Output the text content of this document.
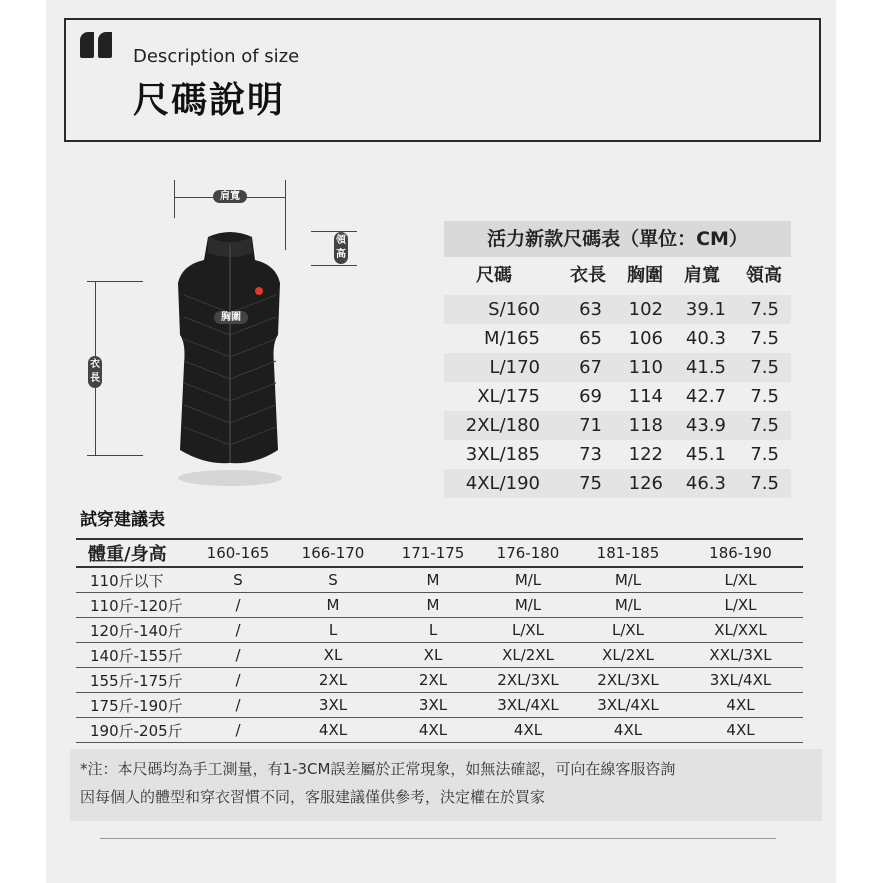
Description of size
尺碼說明
肩寬
領高
衣長
胸圍
活力新款尺碼表（單位：CM）
尺碼	衣長 胸圍 肩寬 領高
S/160 63 102 39.1 7.5
M/165 65 106 40.3 7.5
L/170 67 110 41.5 7.5
XL/175 69 114 42.7 7.5
2XL/180 71 118 43.9 7.5
3XL/185 73 122 45.1 7.5
4XL/190 75 126 46.3 7.5
試穿建議表
體重/身高	160-165	166-170	171-175	176-180	181-185	186-190
110斤以下	S	S	M	M/L	M/L	L/XL
110斤-120斤	/	M	M	M/L	M/L	L/XL
120斤-140斤	/	L	L	L/XL	L/XL	XL/XXL
140斤-155斤	/	XL	XL	XL/2XL	XL/2XL	XXL/3XL
155斤-175斤	/	2XL	2XL	2XL/3XL	2XL/3XL	3XL/4XL
175斤-190斤	/	3XL	3XL	3XL/4XL	3XL/4XL	4XL
190斤-205斤	/	4XL	4XL	4XL	4XL	4XL
*注：本尺碼均為手工測量，有1-3CM誤差屬於正常現象，如無法確認，可向在線客服咨詢
因每個人的體型和穿衣習慣不同，客服建議僅供參考，決定權在於買家
